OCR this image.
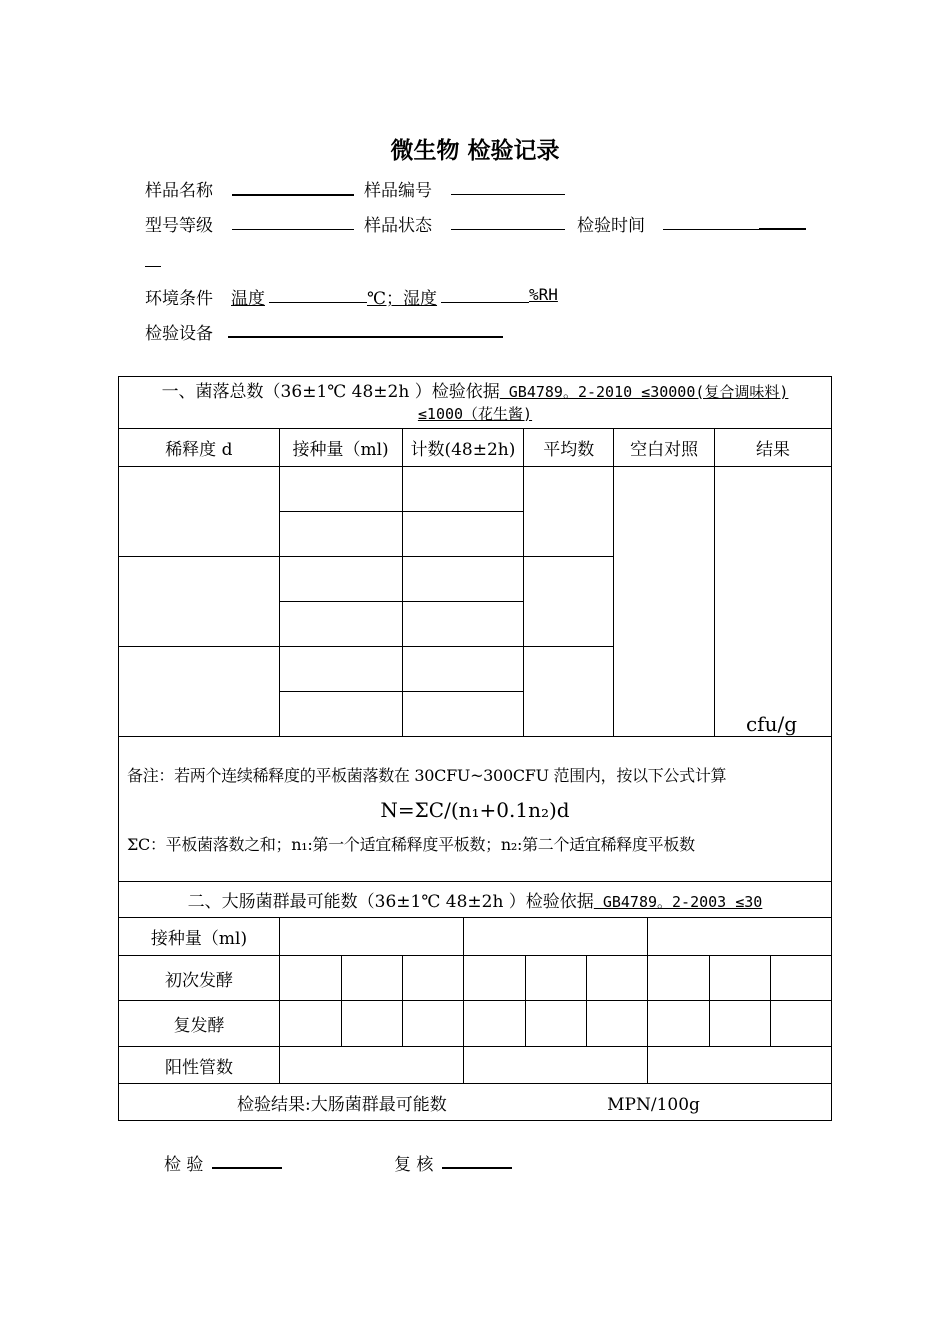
微生物 检验记录
样品名称	样品编号
型号等级	样品状态	检验时间
环境条件 温度	℃；湿度	%RH
检验设备
一、菌落总数（36±1℃ 48±2h ）检验依据 GB4789。2-2010 ≤30000(复合调味料)
≤1000（花生酱)					
稀释度 d	接种量（ml)	计数(48±2h)	平均数	空白对照	结果
					cfu/g

备注：若两个连续稀释度的平板菌落数在 30CFU~300CFU 范围内，按以下公式计算
N=ΣC/(n₁+0.1n₂)d
ΣC：平板菌落数之和；n₁:第一个适宜稀释度平板数；n₂:第二个适宜稀释度平板数					
二、大肠菌群最可能数（36±1℃ 48±2h ）检验依据 GB4789。2-2003 ≤30									
接种量（ml)									
初次发酵									
复发酵									
阳性管数									
检验结果:大肠菌群最可能数 MPN/100g									
检 验	复 核
